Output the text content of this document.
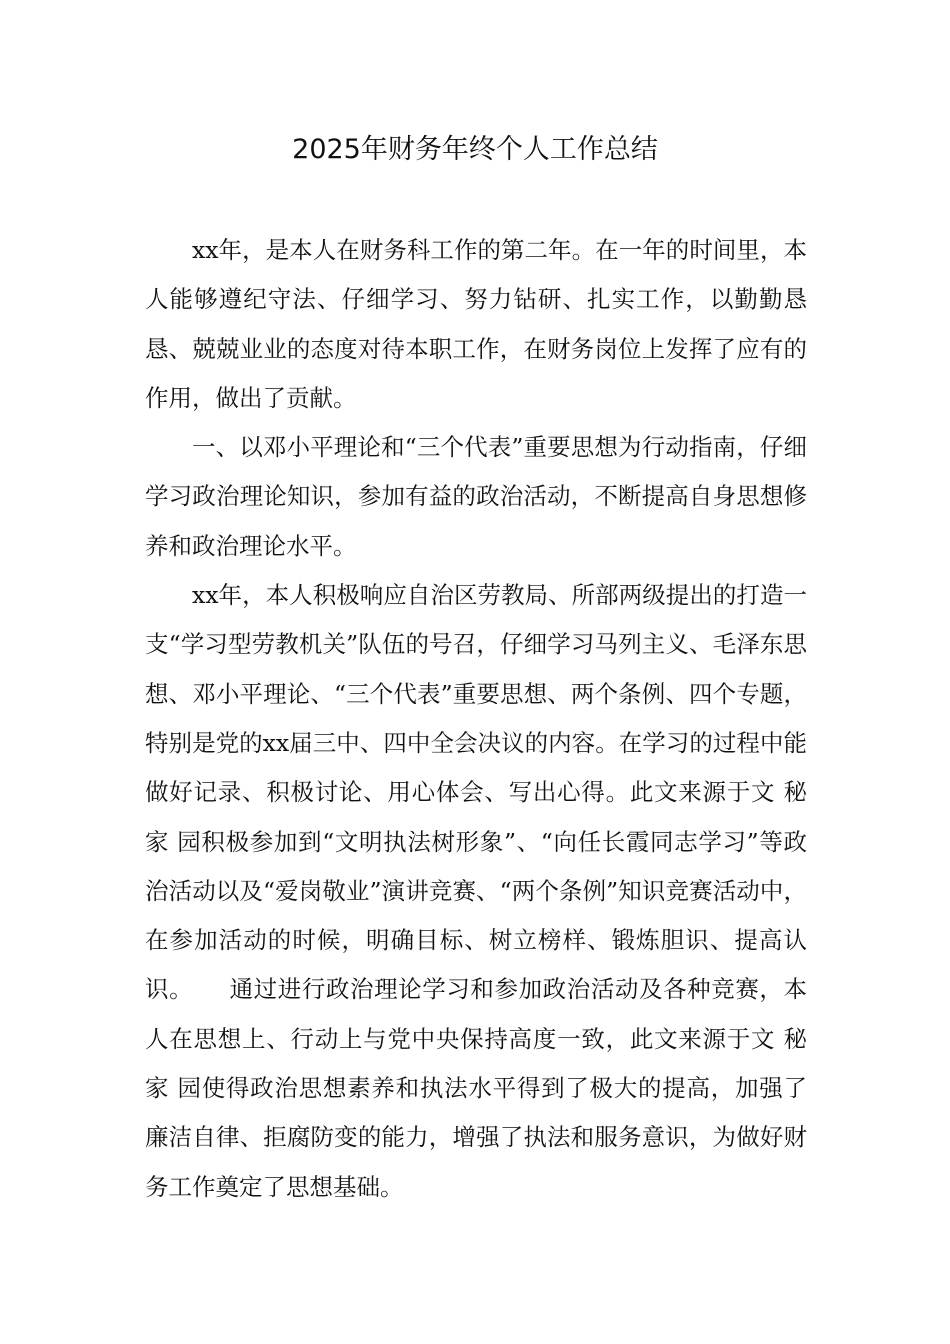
2025年财务年终个人工作总结

xx年，是本人在财务科工作的第二年。在一年的时间里，本人能够遵纪守法、仔细学习、努力钻研、扎实工作，以勤勤恳恳、兢兢业业的态度对待本职工作，在财务岗位上发挥了应有的作用，做出了贡献。

一、以邓小平理论和“三个代表”重要思想为行动指南，仔细学习政治理论知识，参加有益的政治活动，不断提高自身思想修养和政治理论水平。

xx年，本人积极响应自治区劳教局、所部两级提出的打造一支“学习型劳教机关”队伍的号召，仔细学习马列主义、毛泽东思想、邓小平理论、“三个代表”重要思想、两个条例、四个专题，特别是党的xx届三中、四中全会决议的内容。在学习的过程中能做好记录、积极讨论、用心体会、写出心得。此文来源于文 秘 家 园积极参加到“文明执法树形象”、“向任长霞同志学习”等政治活动以及“爱岗敬业”演讲竞赛、“两个条例”知识竞赛活动中，在参加活动的时候，明确目标、树立榜样、锻炼胆识、提高认识。　　通过进行政治理论学习和参加政治活动及各种竞赛，本人在思想上、行动上与党中央保持高度一致，此文来源于文 秘 家 园使得政治思想素养和执法水平得到了极大的提高，加强了廉洁自律、拒腐防变的能力，增强了执法和服务意识，为做好财务工作奠定了思想基础。
